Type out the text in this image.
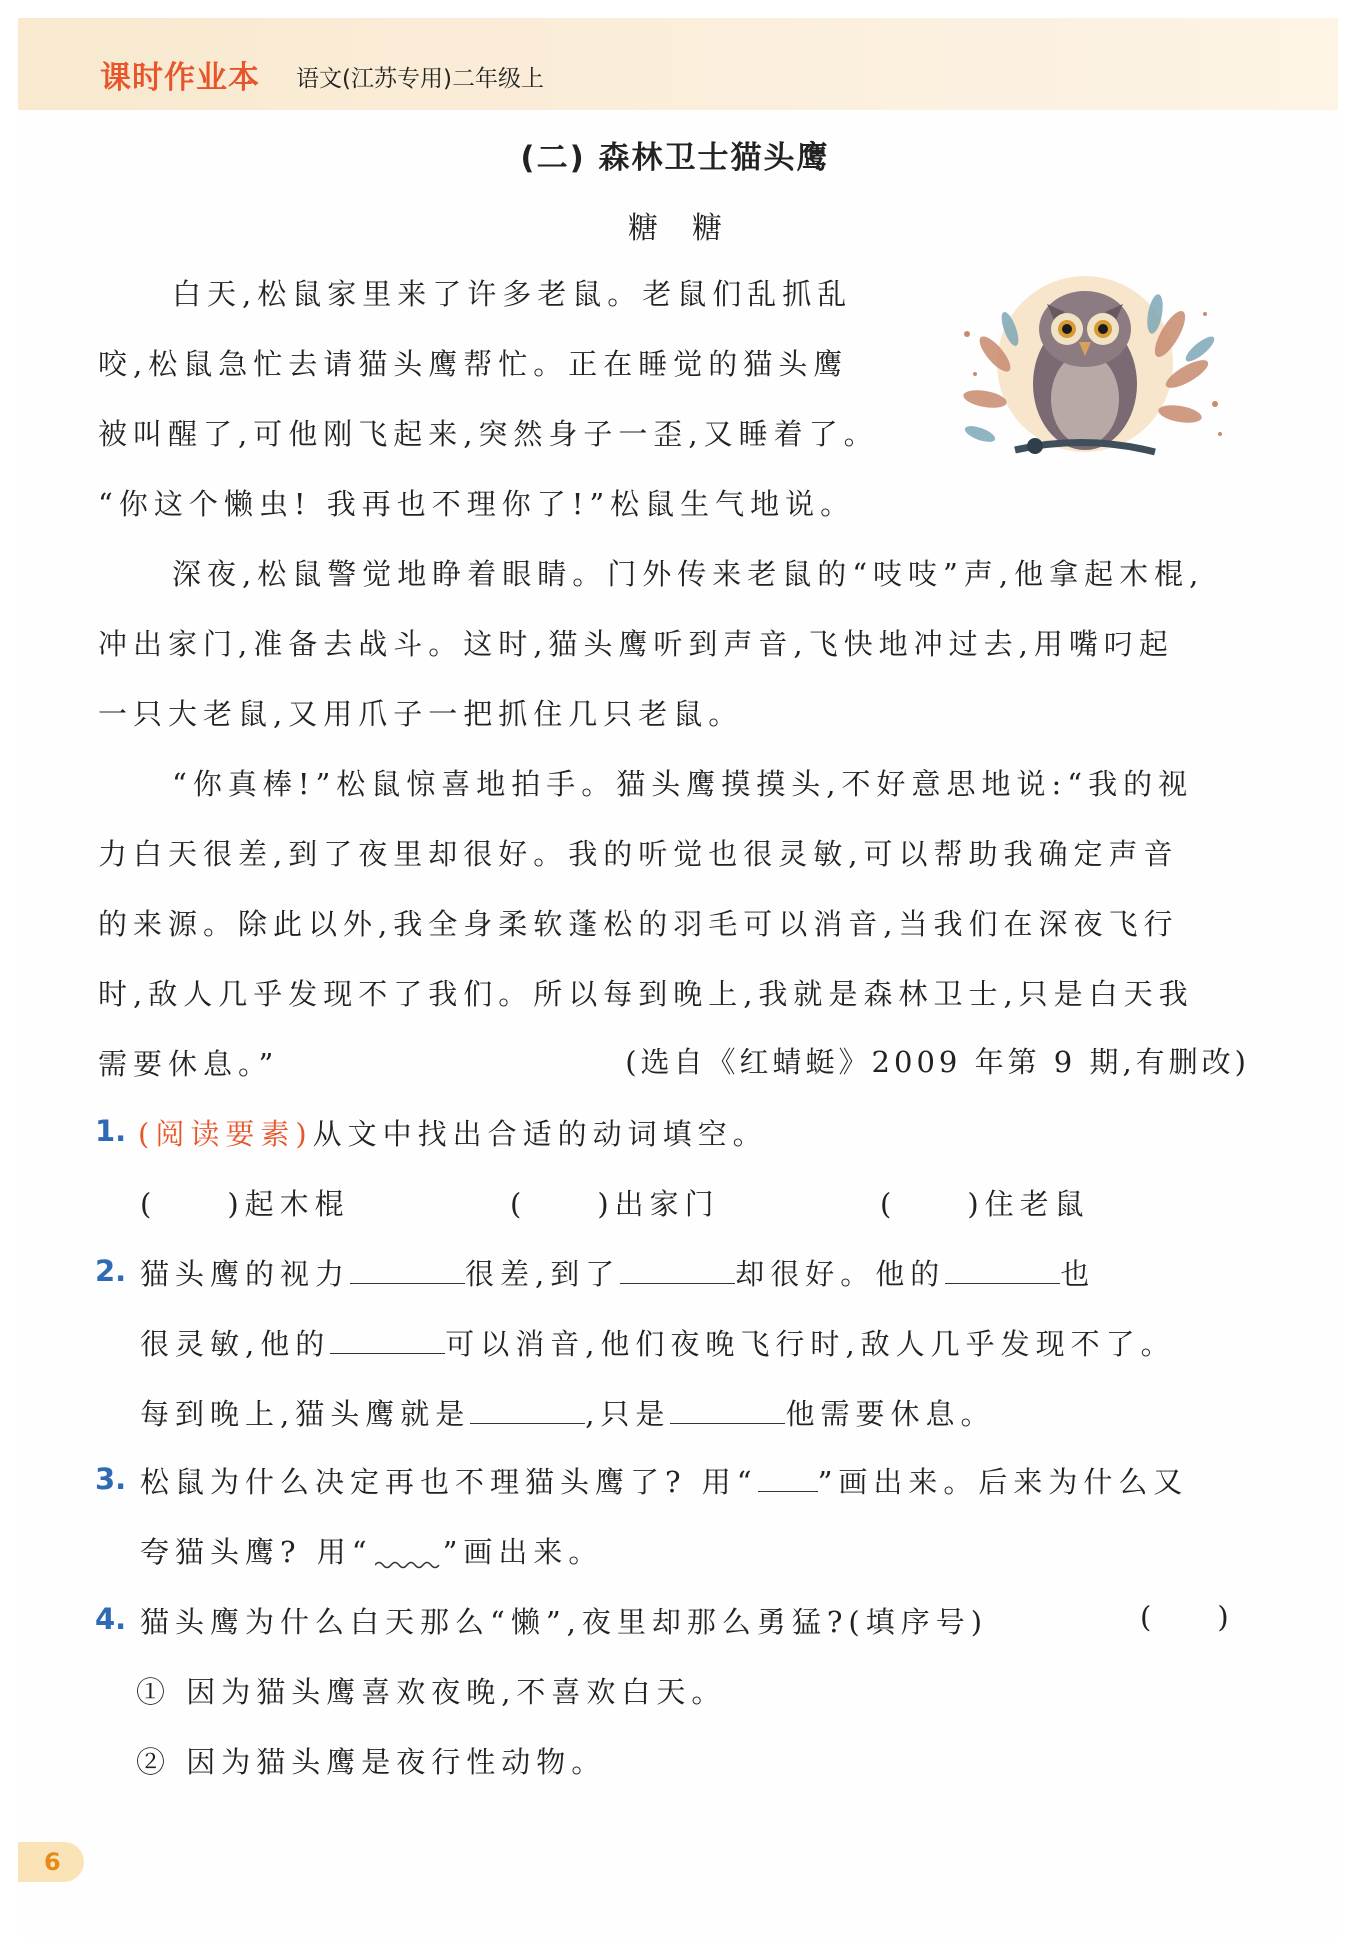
课时作业本 语文(江苏专用)二年级上
(二) 森林卫士猫头鹰
糖糖
白天,松鼠家里来了许多老鼠。老鼠们乱抓乱
咬,松鼠急忙去请猫头鹰帮忙。正在睡觉的猫头鹰
被叫醒了,可他刚飞起来,突然身子一歪,又睡着了。
“你这个懒虫! 我再也不理你了!”松鼠生气地说。
深夜,松鼠警觉地睁着眼睛。门外传来老鼠的“吱吱”声,他拿起木棍,
冲出家门,准备去战斗。这时,猫头鹰听到声音,飞快地冲过去,用嘴叼起
一只大老鼠,又用爪子一把抓住几只老鼠。
“你真棒!”松鼠惊喜地拍手。猫头鹰摸摸头,不好意思地说:“我的视
力白天很差,到了夜里却很好。我的听觉也很灵敏,可以帮助我确定声音
的来源。除此以外,我全身柔软蓬松的羽毛可以消音,当我们在深夜飞行
时,敌人几乎发现不了我们。所以每到晚上,我就是森林卫士,只是白天我
需要休息。”	(选自《红蜻蜓》2009 年第 9 期,有删改)
1. (阅读要素)从文中找出合适的动词填空。
( )起木棍	( )出家门	( )住老鼠
2. 猫头鹰的视力	很差,到了	却很好。他的	也
很灵敏,他的	可以消音,他们夜晚飞行时,敌人几乎发现不了。
每到晚上,猫头鹰就是	,只是	他需要休息。
3. 松鼠为什么决定再也不理猫头鹰了? 用“ ”画出来。后来为什么又
夸猫头鹰? 用“ ”画出来。
4. 猫头鹰为什么白天那么“懒”,夜里却那么勇猛?(填序号)	( )
① 因为猫头鹰喜欢夜晚,不喜欢白天。
② 因为猫头鹰是夜行性动物。
6
